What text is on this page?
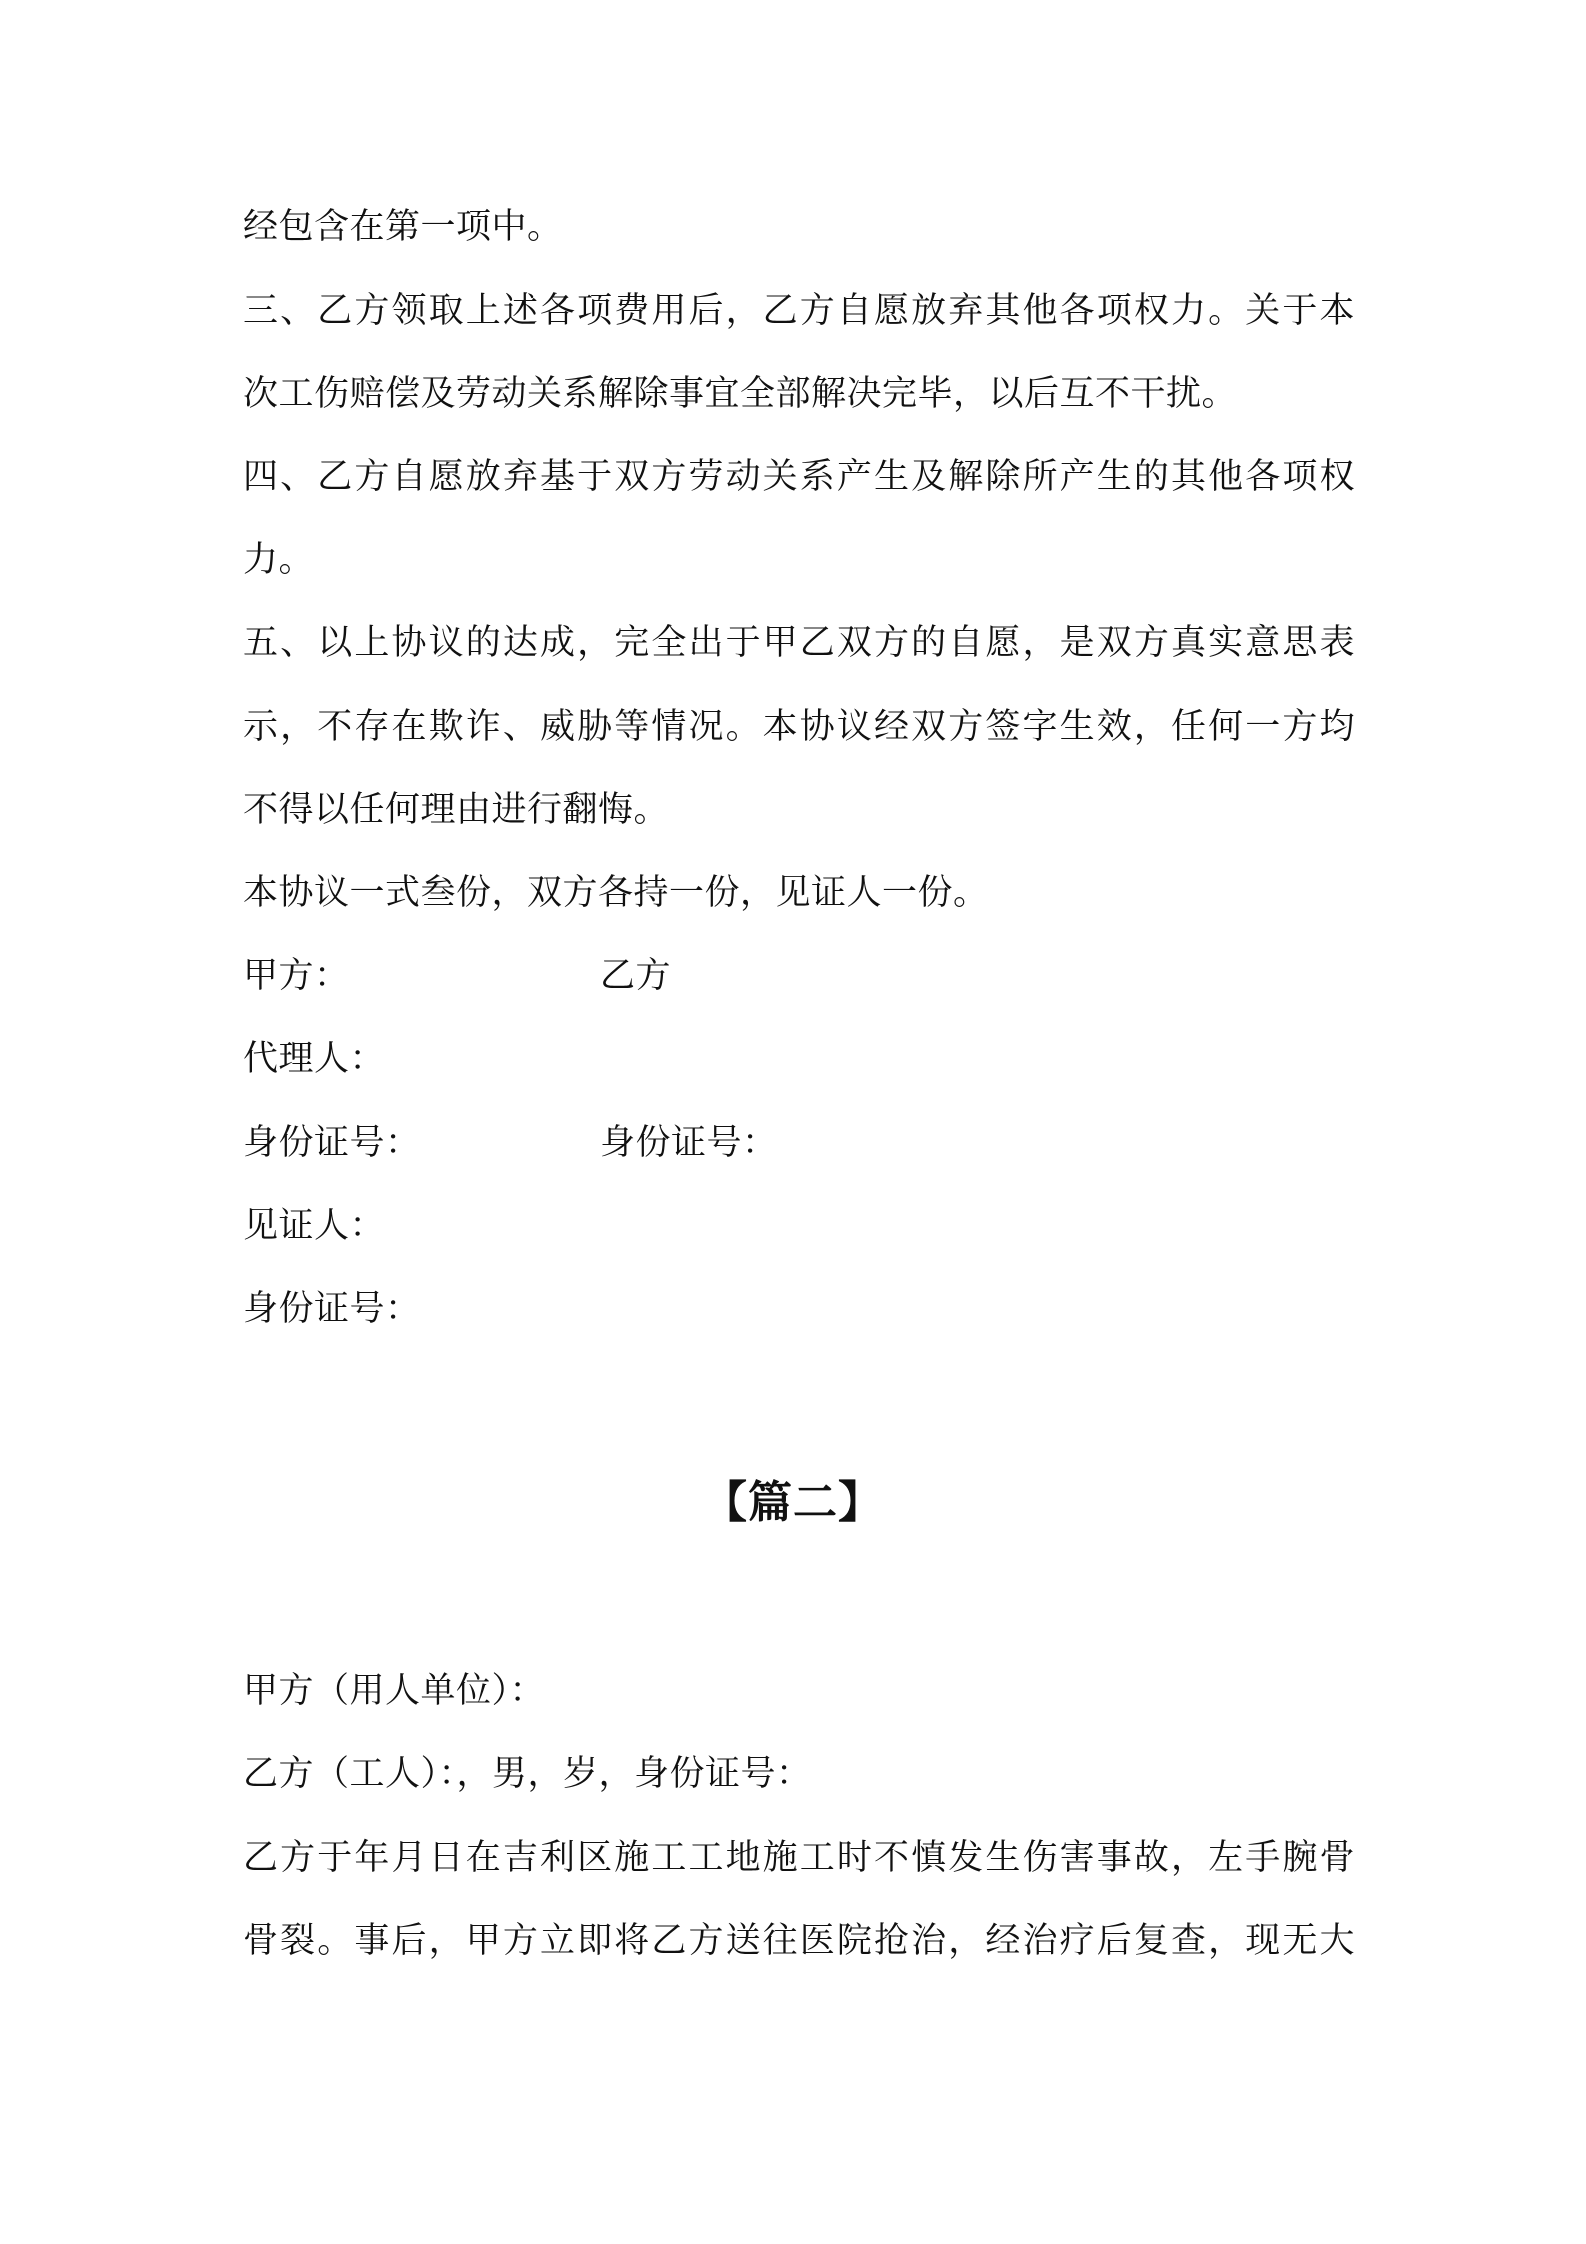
经包含在第一项中。
三、乙方领取上述各项费用后，乙方自愿放弃其他各项权力。关于本
次工伤赔偿及劳动关系解除事宜全部解决完毕，以后互不干扰。
四、乙方自愿放弃基于双方劳动关系产生及解除所产生的其他各项权
力。
五、以上协议的达成，完全出于甲乙双方的自愿，是双方真实意思表
示，不存在欺诈、威胁等情况。本协议经双方签字生效，任何一方均
不得以任何理由进行翻悔。
本协议一式叁份，双方各持一份，见证人一份。
甲方：	乙方
代理人：
身份证号：	身份证号：
见证人：
身份证号：
【篇二】
甲方（用人单位）：
乙方（工人）：，男，岁，身份证号：
乙方于年月日在吉利区施工工地施工时不慎发生伤害事故，左手腕骨
骨裂。事后，甲方立即将乙方送往医院抢治，经治疗后复查，现无大
